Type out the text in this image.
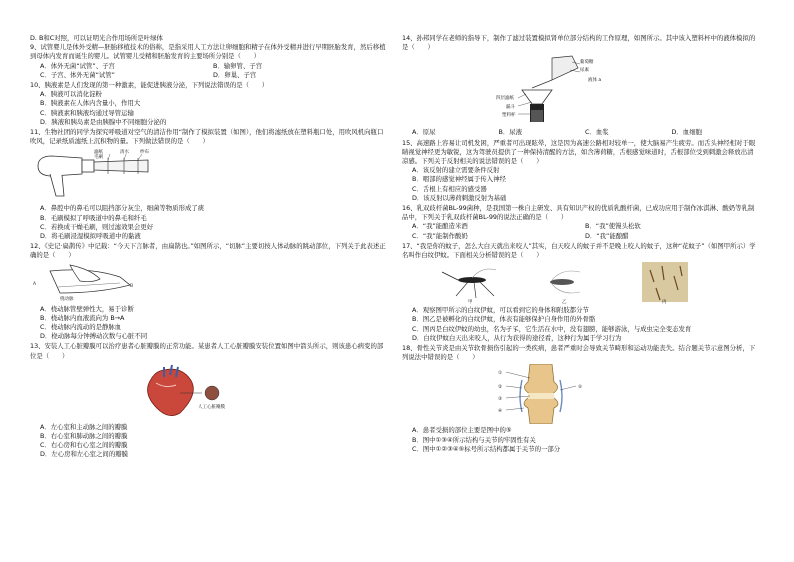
D. B和C对照，可以证明光合作用场所是叶绿体
9、试管婴儿是体外受精—胚胎移植技术的俗称，是指采用人工方法让卵细胞和精子在体外受精并进行早期胚胎发育，然后移植到母体内发育而诞生的婴儿。试管婴儿受精和胚胎发育的主要场所分别是（　　）
A．体外无菌“试管”、子宫	B．输卵管、子宫
C．子宫、体外无菌“试管”	D．卵巢、子宫
10、胰液素是人们发现的第一种激素，能促进胰液分泌，下列说法错误的是（　　）
A．胰液可以消化淀粉
B．胰液素在人体内含量小，作用大
C．胰液素和胰液均通过导管运输
D．胰液和胰岛素是由胰腺中不同细胞分泌的
11、生物社团的同学为探究呼吸道对空气的清洁作用“制作了模拟装置（如图），他们将滤纸放在塑料瓶口处，用吹风机向瓶口吹风，记录纸质滤纸上沉积物的量。下列做法错误的是（　　）
滤纸
毛刷
清水 纱布
A．鼻腔中的鼻毛可以阻挡部分灰尘，细菌等物质形成了痰
B．毛刷模拟了呼吸道中的鼻毛和纤毛
C．若换成干燥毛刷，则过滤效果会更好
D．将毛刷浸湿模拟呼吸道中的黏液
12、《史记·扁鹊传》中记载：“今天下言脉者，由扁鹊也。”如图所示，“切脉”主要切按人体动脉的跳动部位，下列关于此表述正确的是（　　）
A	B
桡动脉
A．桡动脉管壁弹性大，易于诊断
B．桡动脉内血液流向为 B→A
C．桡动脉内流动的是静脉血
D．桡动脉每分钟搏动次数与心脏不同
13、安装人工心脏瓣膜可以治疗患者心脏瓣膜的正常功能。某患者人工心脏瓣膜安装位置如图中箭头所示，则该患心病变的部位是（　　）
人工心脏瓣膜
A．左心室和主动脉之间的瓣膜
B．右心室和肺动脉之间的瓣膜
C．右心房和右心室之间的瓣膜
D．左心房和左心室之间的瓣膜
14、孙邦同学在老师的指导下，制作了滤过装置模拟肾单位部分结构的工作原理，如图所示。其中该入塑料杯中的液体模拟的是（　　）
葡萄糖
尿素
液体 a
四层滤纸
漏斗
塑料杯
A．原尿	B．尿液	C．血浆	D．血细胞
15、高速路上容易让司机发困，严重者可出现眩晕，这是因为高速公路相对较单一，使大脑易产生疲劳。而舌头神经相对于眼睛视觉神经更为敏锐，这为驾驶员提供了一种保持清醒的方法，如含薄荷糖，舌根感觉味道时，舌根部位受到刺激会释放出清凉感。下列关于反射相关的说法错误的是（　　）
A．该反射的建立需要条件反射
B．咽部的感觉神经属于传入神经
C．舌根上有相应的感受器
D．该反射以薄荷刺激反射为基础
16、乳双歧杆菌BL-99菌种，是我国第一株自主研发、具有知识产权的优质乳酸杆菌，已成功应用于制作冰淇淋、酸奶等乳制品中，下列关于乳双歧杆菌BL-99的说法正确的是（　　）
A．“我”能酿造米酒	B．“我”使馒头松软
C．“我”能制作酸奶	D．“我”能酿醋
17、“我是你的蚊子，怎么大白天就出来咬人”其实，白天咬人的蚊子并不是晚上咬人的蚊子，这种“花蚊子”（如图甲所示）学名叫作白纹伊蚊。下面相关分析错误的是（　　）
甲	乙	丙
A．观察图甲所示的白纹伊蚊，可以看到它的身体和附肢都分节
B．图乙是被孵化的白纹伊蚊，体表有能够保护自身作用的外骨骼
C．图丙是白纹伊蚊的幼虫，名为孑孓，它生活在水中，没有翅膀，能够游泳，与成虫完全变态发育
D．白纹伊蚊白天出来咬人，从行为获得的途径看，这种行为属于学习行为
18、骨性关节炎是由关节软骨损伤引起的一类疾病，患者严重时会导致关节畸形和运动功能丧失。结合题关节示意图分析，下列说法中错误的是（　　）
①
②
③
④
⑤
A．患者受损的部位主要是图中的⑤
B．图中①③④所示结构与关节的牢固性有关
C．图中①②③④⑤标号所示结构都属于关节的一部分
